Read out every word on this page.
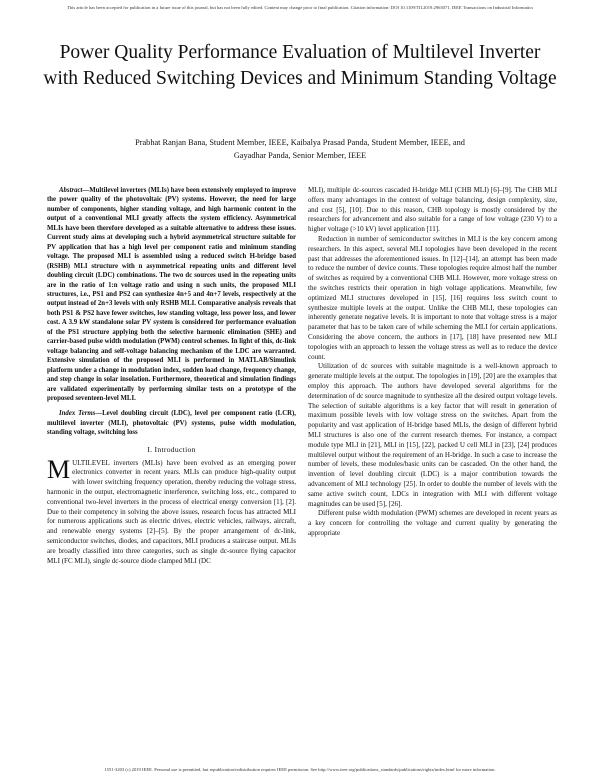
This article has been accepted for publication in a future issue of this journal, but has not been fully edited. Content may change prior to final publication. Citation information: DOI 10.1109/TII.2019.2963071, IEEE Transactions on Industrial Informatics
Power Quality Performance Evaluation of Multilevel Inverter with Reduced Switching Devices and Minimum Standing Voltage
Prabhat Ranjan Bana, Student Member, IEEE, Kaibalya Prasad Panda, Student Member, IEEE, and
Gayadhar Panda, Senior Member, IEEE

Abstract—Multilevel inverters (MLIs) have been extensively employed to improve the power quality of the photovoltaic (PV) systems. However, the need for large number of components, higher standing voltage, and high harmonic content in the output of a conventional MLI greatly affects the system efficiency. Asymmetrical MLIs have been therefore developed as a suitable alternative to address these issues. Current study aims at developing such a hybrid asymmetrical structure suitable for PV application that has a high level per component ratio and minimum standing voltage. The proposed MLI is assembled using a reduced switch H-bridge based (RSHB) MLI structure with n asymmetrical repeating units and different level doubling circuit (LDC) combinations. The two dc sources used in the repeating units are in the ratio of 1:n voltage ratio and using n such units, the proposed MLI structures, i.e., PS1 and PS2 can synthesize 4n+5 and 4n+7 levels, respectively at the output instead of 2n+3 levels with only RSHB MLI. Comparative analysis reveals that both PS1 & PS2 have fewer switches, low standing voltage, less power loss, and lower cost. A 3.9 kW standalone solar PV system is considered for performance evaluation of the PS1 structure applying both the selective harmonic elimination (SHE) and carrier-based pulse width modulation (PWM) control schemes. In light of this, dc-link voltage balancing and self-voltage balancing mechanism of the LDC are warranted. Extensive simulation of the proposed MLI is performed in MATLAB/Simulink platform under a change in modulation index, sudden load change, frequency change, and step change in solar insolation. Furthermore, theoretical and simulation findings are validated experimentally by performing similar tests on a prototype of the proposed seventeen-level MLI.

Index Terms—Level doubling circuit (LDC), level per component ratio (LCR), multilevel inverter (MLI), photovoltaic (PV) systems, pulse width modulation, standing voltage, switching loss

I. Introduction

MULTILEVEL inverters (MLIs) have been evolved as an emerging power electronics converter in recent years. MLIs can produce high-quality output with lower switching frequency operation, thereby reducing the voltage stress, harmonic in the output, electromagnetic interference, switching loss, etc., compared to conventional two-level inverters in the process of electrical energy conversion [1], [2]. Due to their competency in solving the above issues, research focus has attracted MLI for numerous applications such as electric drives, electric vehicles, railways, aircraft, and renewable energy systems [2]–[5]. By the proper arrangement of dc-link, semiconductor switches, diodes, and capacitors, MLI produces a staircase output. MLIs are broadly classified into three categories, such as single dc-source flying capacitor MLI (FC MLI), single dc-source diode clamped MLI (DC

MLI), multiple dc-sources cascaded H-bridge MLI (CHB MLI) [6]–[9]. The CHB MLI offers many advantages in the context of voltage balancing, design complexity, size, and cost [5], [10]. Due to this reason, CHB topology is mostly considered by the researchers for advancement and also suitable for a range of low voltage (230 V) to a higher voltage (>10 kV) level application [11].

Reduction in number of semiconductor switches in MLI is the key concern among researchers. In this aspect, several MLI topologies have been developed in the recent past that addresses the aforementioned issues. In [12]–[14], an attempt has been made to reduce the number of device counts. These topologies require almost half the number of switches as required by a conventional CHB MLI. However, more voltage stress on the switches restricts their operation in high voltage applications. Meanwhile, few optimized MLI structures developed in [15], [16] requires less switch count to synthesize multiple levels at the output. Unlike the CHB MLI, these topologies can inherently generate negative levels. It is important to note that voltage stress is a major parameter that has to be taken care of while scheming the MLI for certain applications. Considering the above concern, the authors in [17], [18] have presented new MLI topologies with an approach to lessen the voltage stress as well as to reduce the device count.

Utilization of dc sources with suitable magnitude is a well-known approach to generate multiple levels at the output. The topologies in [19], [20] are the examples that employ this approach. The authors have developed several algorithms for the determination of dc source magnitude to synthesize all the desired output voltage levels. The selection of suitable algorithms is a key factor that will result in generation of maximum possible levels with low voltage stress on the switches. Apart from the popularity and vast application of H-bridge based MLIs, the design of different hybrid MLI structures is also one of the current research themes. For instance, a compact module type MLI in [21], MLI in [15], [22], packed U cell MLI in [23], [24] produces multilevel output without the requirement of an H-bridge. In such a case to increase the number of levels, these modules/basic units can be cascaded. On the other hand, the invention of level doubling circuit (LDC) is a major contribution towards the advancement of MLI technology [25]. In order to double the number of levels with the same active switch count, LDCs in integration with MLI with different voltage magnitudes can be used [5], [26].

Different pulse width modulation (PWM) schemes are developed in recent years as a key concern for controlling the voltage and current quality by generating the appropriate

1551-3203 (c) 2019 IEEE. Personal use is permitted, but republication/redistribution requires IEEE permission. See http://www.ieee.org/publications_standards/publications/rights/index.html for more information.
